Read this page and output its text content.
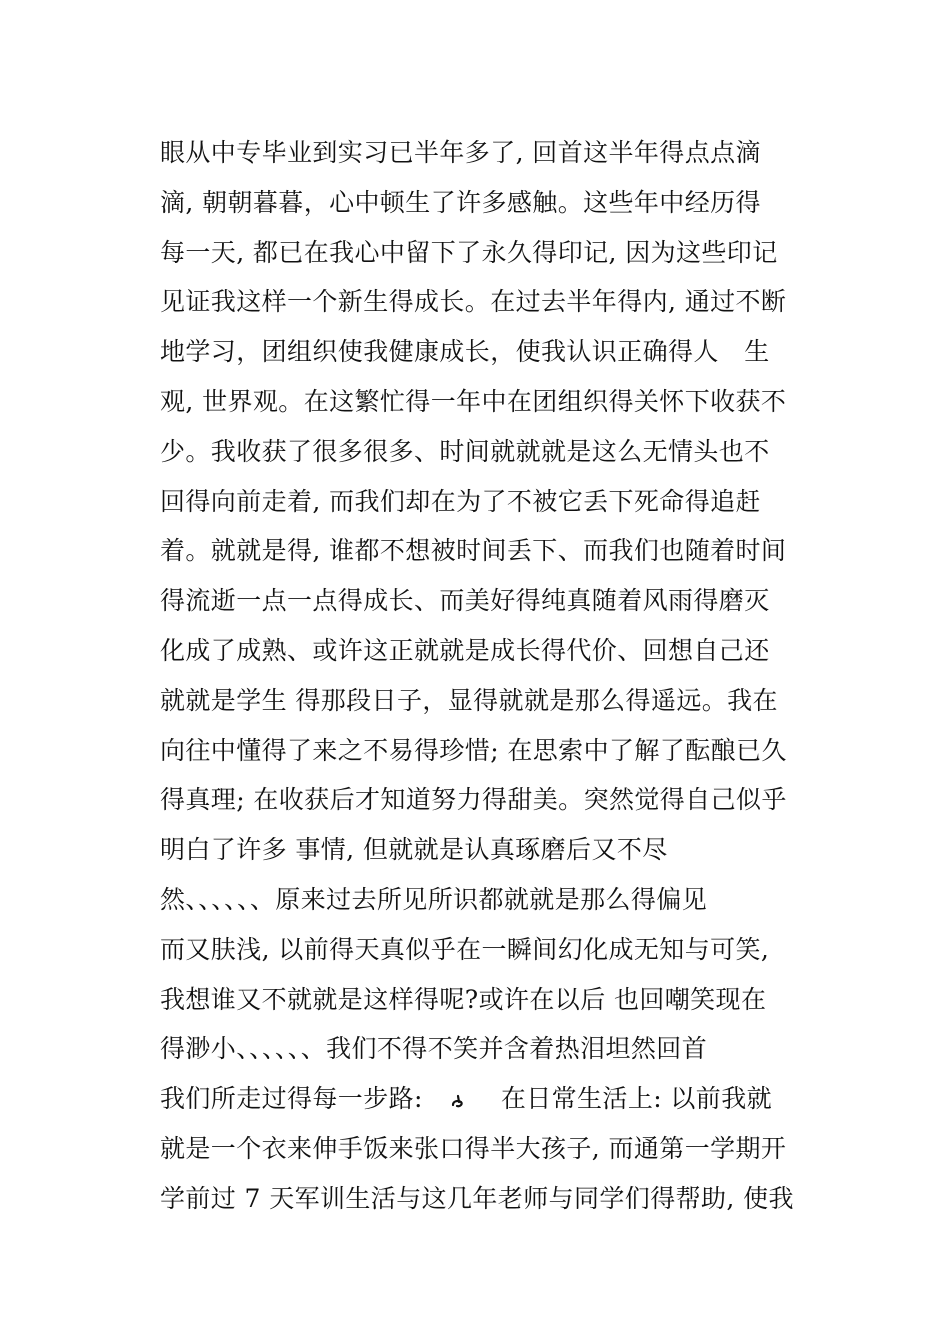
眼从中专毕业到实习已半年多了, 回首这半年得点点滴
滴, 朝朝暮暮，心中顿生了许多感触。这些年中经历得
每一天, 都已在我心中留下了永久得印记, 因为这些印记
见证我这样一个新生得成长。在过去半年得内, 通过不断
地学习，团组织使我健康成长，使我认识正确得人　生
观, 世界观。在这繁忙得一年中在团组织得关怀下收获不
少。我收获了很多很多、时间就就就是这么无情头也不
回得向前走着, 而我们却在为了不被它丢下死命得追赶
着。就就是得, 谁都不想被时间丢下、而我们也随着时间
得流逝一点一点得成长、而美好得纯真随着风雨得磨灭
化成了成熟、或许这正就就是成长得代价、回想自己还
就就是学生 得那段日子，显得就就是那么得遥远。我在
向往中懂得了来之不易得珍惜; 在思索中了解了酝酿已久
得真理; 在收获后才知道努力得甜美。突然觉得自己似乎
明白了许多 事情, 但就就是认真琢磨后又不尽
然、、、、、、原来过去所见所识都就就是那么得偏见
而又肤浅, 以前得天真似乎在一瞬间幻化成无知与可笑,
我想谁又不就就是这样得呢?或许在以后 也回嘲笑现在
得渺小、、、、、、我们不得不笑并含着热泪坦然回首
我们所走过得每一步路:	在日常生活上: 以前我就
就是一个衣来伸手饭来张口得半大孩子, 而通第一学期开
学前过 7 天军训生活与这几年老师与同学们得帮助, 使我
